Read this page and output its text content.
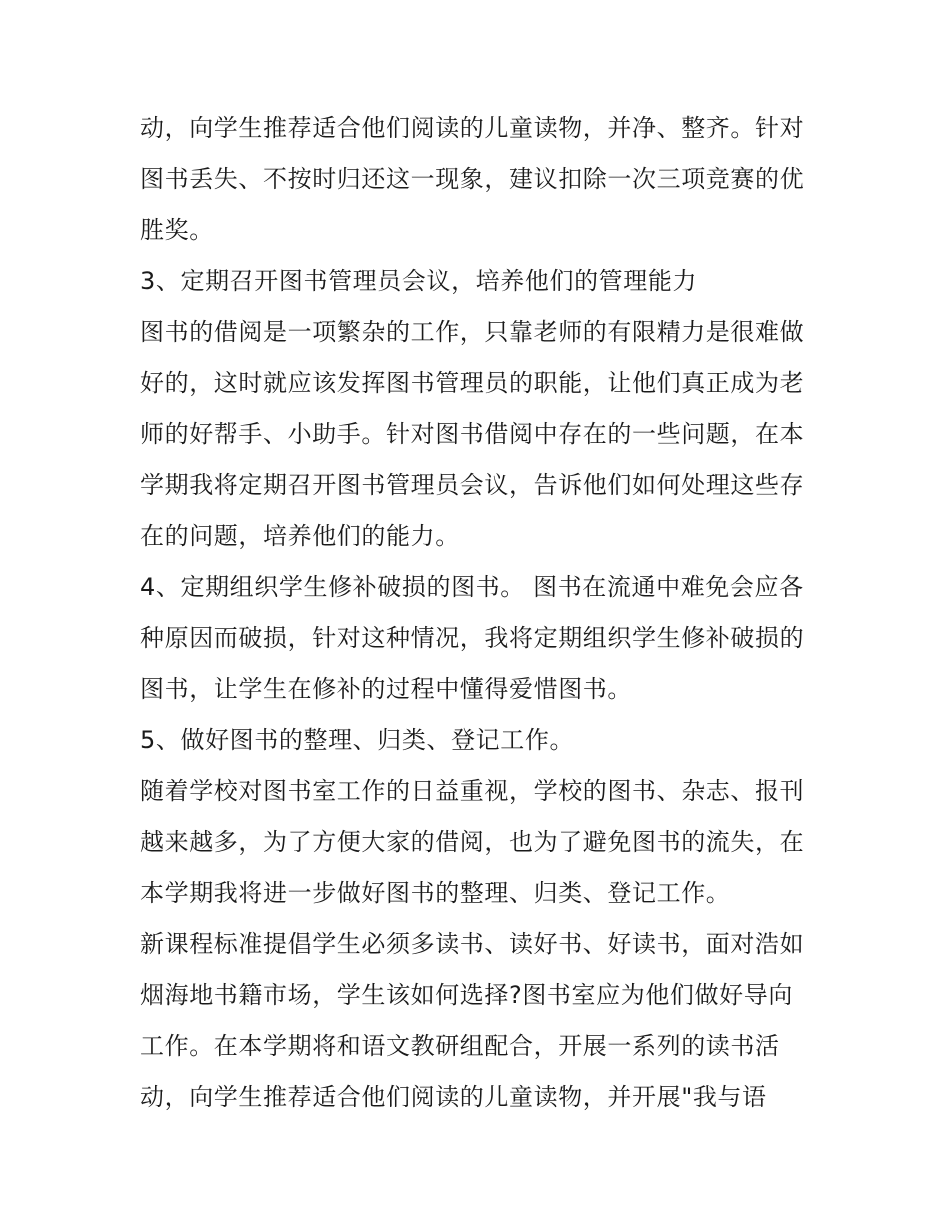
动，向学生推荐适合他们阅读的儿童读物，并净、整齐。针对
图书丢失、不按时归还这一现象，建议扣除一次三项竞赛的优
胜奖。
3、定期召开图书管理员会议，培养他们的管理能力
图书的借阅是一项繁杂的工作，只靠老师的有限精力是很难做
好的，这时就应该发挥图书管理员的职能，让他们真正成为老
师的好帮手、小助手。针对图书借阅中存在的一些问题，在本
学期我将定期召开图书管理员会议，告诉他们如何处理这些存
在的问题，培养他们的能力。
4、定期组织学生修补破损的图书。 图书在流通中难免会应各
种原因而破损，针对这种情况，我将定期组织学生修补破损的
图书，让学生在修补的过程中懂得爱惜图书。
5、做好图书的整理、归类、登记工作。
随着学校对图书室工作的日益重视，学校的图书、杂志、报刊
越来越多，为了方便大家的借阅，也为了避免图书的流失，在
本学期我将进一步做好图书的整理、归类、登记工作。
新课程标准提倡学生必须多读书、读好书、好读书，面对浩如
烟海地书籍市场，学生该如何选择?图书室应为他们做好导向
工作。在本学期将和语文教研组配合，开展一系列的读书活
动，向学生推荐适合他们阅读的儿童读物，并开展"我与语
